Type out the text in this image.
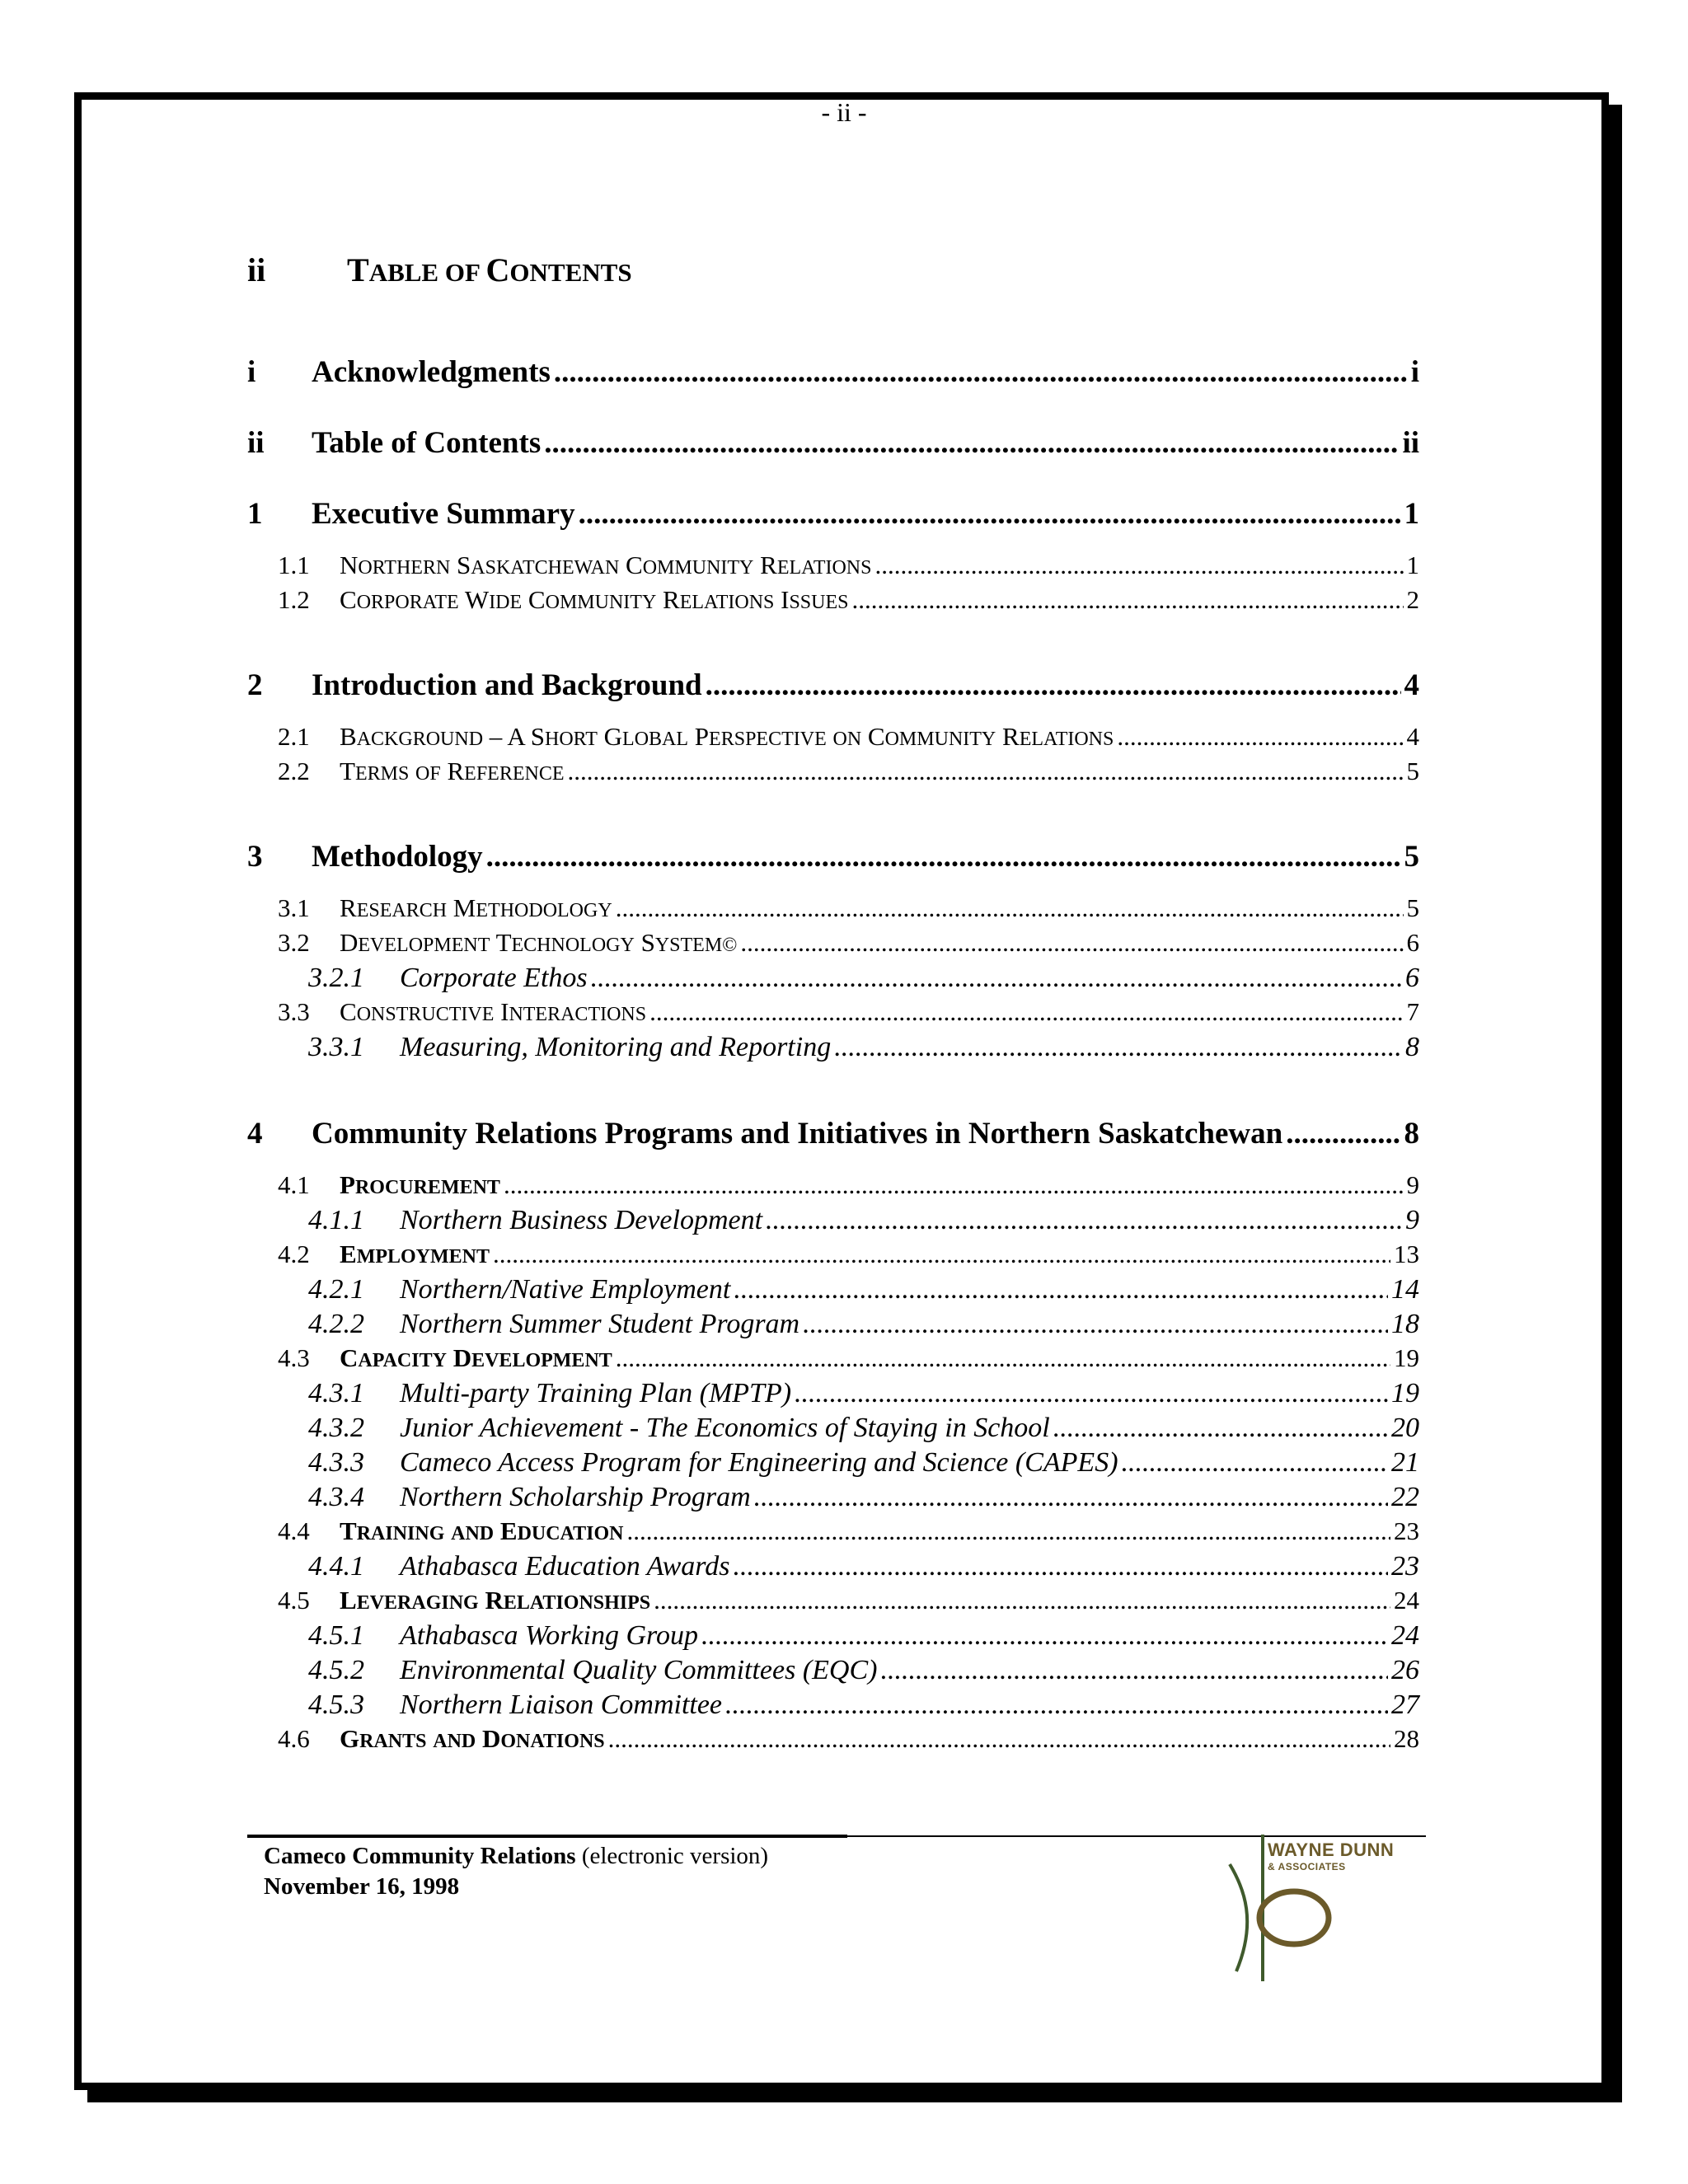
- ii -
ii	TABLE OF CONTENTS
i	Acknowledgments .....	i
ii	Table of Contents .....	ii
1	Executive Summary .....	1
1.1	NORTHERN SASKATCHEWAN COMMUNITY RELATIONS .....	1
1.2	CORPORATE WIDE COMMUNITY RELATIONS ISSUES .....	2
2	Introduction and Background .....	4
2.1	BACKGROUND – A SHORT GLOBAL PERSPECTIVE ON COMMUNITY RELATIONS .....	4
2.2	TERMS OF REFERENCE .....	5
3	Methodology .....	5
3.1	RESEARCH METHODOLOGY .....	5
3.2	DEVELOPMENT TECHNOLOGY SYSTEM© .....	6
3.2.1	Corporate Ethos .....	6
3.3	CONSTRUCTIVE INTERACTIONS .....	7
3.3.1	Measuring, Monitoring and Reporting .....	8
4	Community Relations Programs and Initiatives in Northern Saskatchewan .....	8
4.1	PROCUREMENT .....	9
4.1.1	Northern Business Development .....	9
4.2	EMPLOYMENT .....	13
4.2.1	Northern/Native Employment .....	14
4.2.2	Northern Summer Student Program .....	18
4.3	CAPACITY DEVELOPMENT .....	19
4.3.1	Multi-party Training Plan (MPTP) .....	19
4.3.2	Junior Achievement - The Economics of Staying in School .....	20
4.3.3	Cameco Access Program for Engineering and Science (CAPES) .....	21
4.3.4	Northern Scholarship Program .....	22
4.4	TRAINING AND EDUCATION .....	23
4.4.1	Athabasca Education Awards .....	23
4.5	LEVERAGING RELATIONSHIPS .....	24
4.5.1	Athabasca Working Group .....	24
4.5.2	Environmental Quality Committees (EQC) .....	26
4.5.3	Northern Liaison Committee .....	27
4.6	GRANTS AND DONATIONS .....	28
Cameco Community Relations (electronic version)
November 16, 1998
WAYNE DUNN
& ASSOCIATES
